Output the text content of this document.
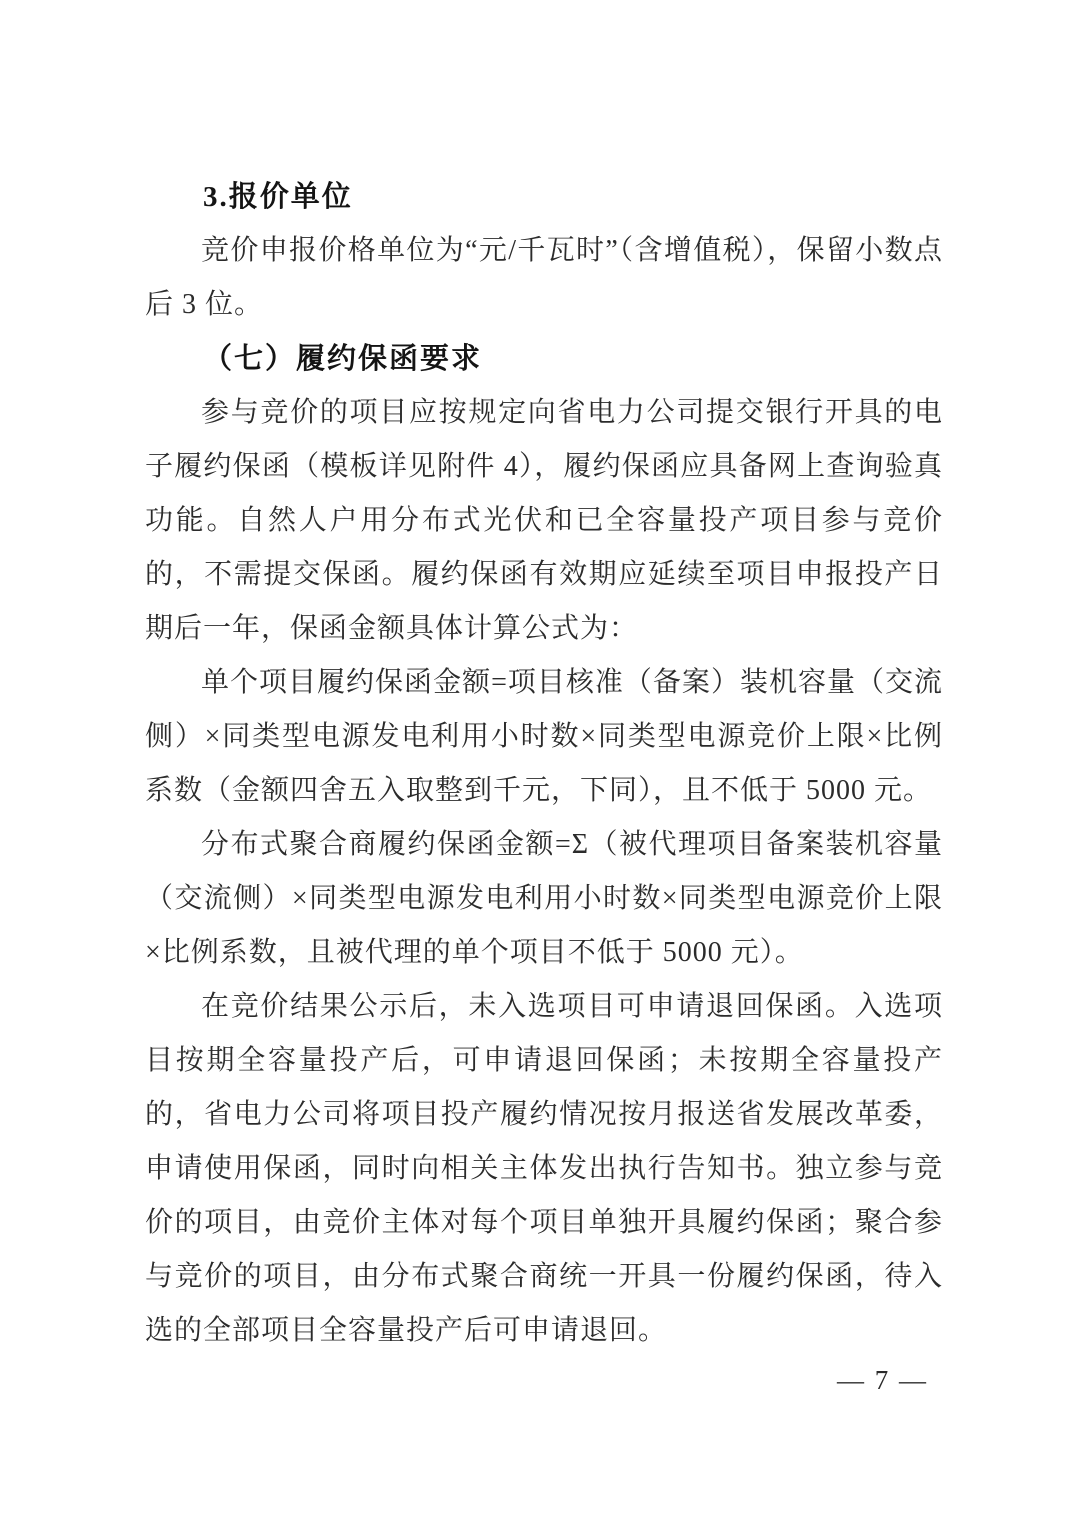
3.报价单位

竞价申报价格单位为“元/千瓦时”（含增值税），保留小数点后 3 位。

（七）履约保函要求

参与竞价的项目应按规定向省电力公司提交银行开具的电子履约保函（模板详见附件 4），履约保函应具备网上查询验真功能。自然人户用分布式光伏和已全容量投产项目参与竞价的，不需提交保函。履约保函有效期应延续至项目申报投产日期后一年，保函金额具体计算公式为：

单个项目履约保函金额=项目核准（备案）装机容量（交流侧）×同类型电源发电利用小时数×同类型电源竞价上限×比例系数（金额四舍五入取整到千元，下同），且不低于 5000 元。

分布式聚合商履约保函金额=Σ（被代理项目备案装机容量（交流侧）×同类型电源发电利用小时数×同类型电源竞价上限×比例系数，且被代理的单个项目不低于 5000 元）。

在竞价结果公示后，未入选项目可申请退回保函。入选项目按期全容量投产后，可申请退回保函；未按期全容量投产的，省电力公司将项目投产履约情况按月报送省发展改革委，申请使用保函，同时向相关主体发出执行告知书。独立参与竞价的项目，由竞价主体对每个项目单独开具履约保函；聚合参与竞价的项目，由分布式聚合商统一开具一份履约保函，待入选的全部项目全容量投产后可申请退回。

— 7 —
